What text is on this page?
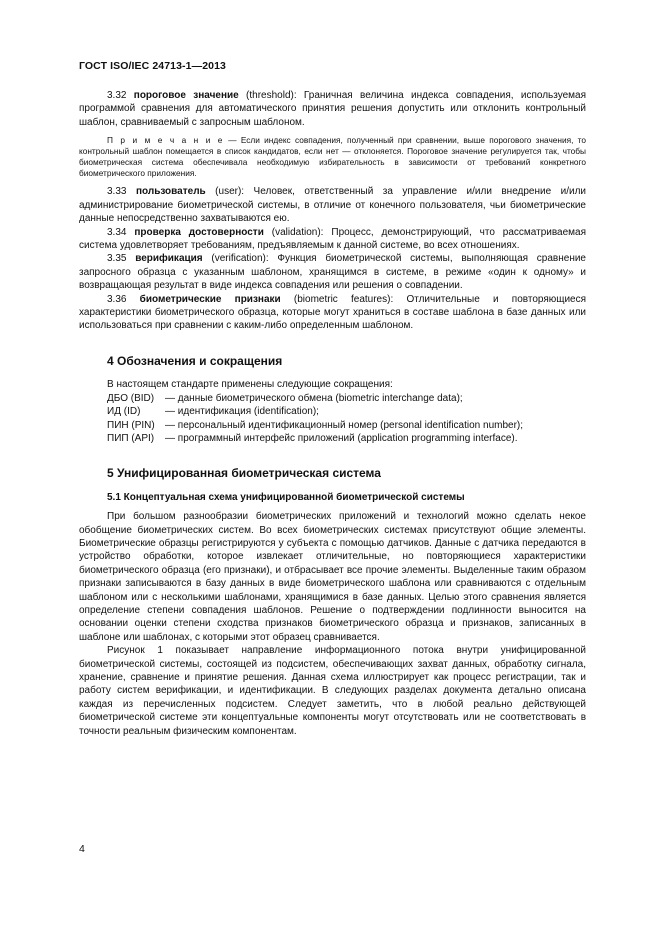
ГОСТ ISO/IEC 24713-1—2013

3.32 пороговое значение (threshold): Граничная величина индекса совпадения, используемая программой сравнения для автоматического принятия решения допустить или отклонить контрольный шаблон, сравниваемый с запросным шаблоном.

П р и м е ч а н и е — Если индекс совпадения, полученный при сравнении, выше порогового значения, то контрольный шаблон помещается в список кандидатов, если нет — отклоняется. Пороговое значение регулируется так, чтобы биометрическая система обеспечивала необходимую избирательность в зависимости от требований конкретного биометрического приложения.

3.33 пользователь (user): Человек, ответственный за управление и/или внедрение и/или администрирование биометрической системы, в отличие от конечного пользователя, чьи биометрические данные непосредственно захватываются ею.

3.34 проверка достоверности (validation): Процесс, демонстрирующий, что рассматриваемая система удовлетворяет требованиям, предъявляемым к данной системе, во всех отношениях.

3.35 верификация (verification): Функция биометрической системы, выполняющая сравнение запросного образца с указанным шаблоном, хранящимся в системе, в режиме «один к одному» и возвращающая результат в виде индекса совпадения или решения о совпадении.

3.36 биометрические признаки (biometric features): Отличительные и повторяющиеся характеристики биометрического образца, которые могут храниться в составе шаблона в базе данных или использоваться при сравнении с каким-либо определенным шаблоном.

4 Обозначения и сокращения

В настоящем стандарте применены следующие сокращения:

ДБО (BID) — данные биометрического обмена (biometric interchange data);
ИД (ID) — идентификация (identification);
ПИН (PIN) — персональный идентификационный номер (personal identification number);
ПИП (API) — программный интерфейс приложений (application programming interface).
5 Унифицированная биометрическая система
5.1 Концептуальная схема унифицированной биометрической системы

При большом разнообразии биометрических приложений и технологий можно сделать некое обобщение биометрических систем. Во всех биометрических системах присутствуют общие элементы. Биометрические образцы регистрируются у субъекта с помощью датчиков. Данные с датчика передаются в устройство обработки, которое извлекает отличительные, но повторяющиеся характеристики биометрического образца (его признаки), и отбрасывает все прочие элементы. Выделенные таким образом признаки записываются в базу данных в виде биометрического шаблона или сравниваются с отдельным шаблоном или с несколькими шаблонами, хранящимися в базе данных. Целью этого сравнения является определение степени совпадения шаблонов. Решение о подтверждении подлинности выносится на основании оценки степени сходства признаков биометрического образца и признаков, записанных в шаблоне или шаблонах, с которыми этот образец сравнивается.

Рисунок 1 показывает направление информационного потока внутри унифицированной биометрической системы, состоящей из подсистем, обеспечивающих захват данных, обработку сигнала, хранение, сравнение и принятие решения. Данная схема иллюстрирует как процесс регистрации, так и работу систем верификации, и идентификации. В следующих разделах документа детально описана каждая из перечисленных подсистем. Следует заметить, что в любой реально действующей биометрической системе эти концептуальные компоненты могут отсутствовать или не соответствовать в точности реальным физическим компонентам.

4
